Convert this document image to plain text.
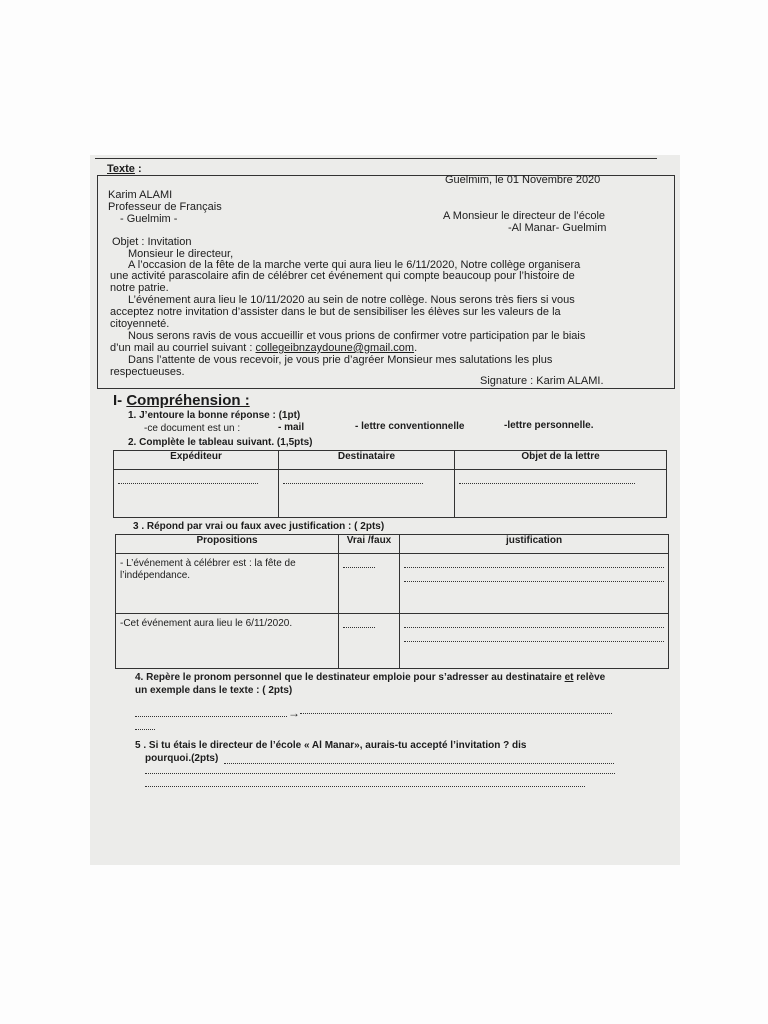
Texte :
Guelmim, le 01 Novembre 2020
Karim ALAMI
Professeur de Français
- Guelmim -	A Monsieur le directeur de l’école
-Al Manar- Guelmim
Objet : Invitation
Monsieur le directeur,
A l’occasion de la fête de la marche verte qui aura lieu le 6/11/2020, Notre collège organisera
une activité parascolaire afin de célébrer cet événement qui compte beaucoup pour l’histoire de
notre patrie.
L’événement aura lieu le 10/11/2020 au sein de notre collège. Nous serons très fiers si vous
acceptez notre invitation d’assister dans le but de sensibiliser les élèves sur les valeurs de la
citoyenneté.
Nous serons ravis de vous accueillir et vous prions de confirmer votre participation par le biais
d’un mail au courriel suivant : collegeibnzaydoune@gmail.com.
Dans l’attente de vous recevoir, je vous prie d’agréer Monsieur mes salutations les plus
respectueuses.
Signature : Karim ALAMI.
I- Compréhension :
1. J’entoure la bonne réponse : (1pt)
-ce document est un :	- mail	- lettre conventionnelle	-lettre personnelle.
2. Complète le tableau suivant. (1,5pts)
Expéditeur	Destinataire	Objet de la lettre

3 . Répond par vrai ou faux avec justification : ( 2pts)
Propositions	Vrai /faux	justification
- L’événement à célébrer est : la fête de l’indépendance.	

-Cet événement aura lieu le 6/11/2020.	

4. Repère le pronom personnel que le destinateur emploie pour s’adresser au destinataire et relève
un exemple dans le texte : ( 2pts)
→
5 . Si tu étais le directeur de l’école « Al Manar», aurais-tu accepté l’invitation ? dis
pourquoi.(2pts)
